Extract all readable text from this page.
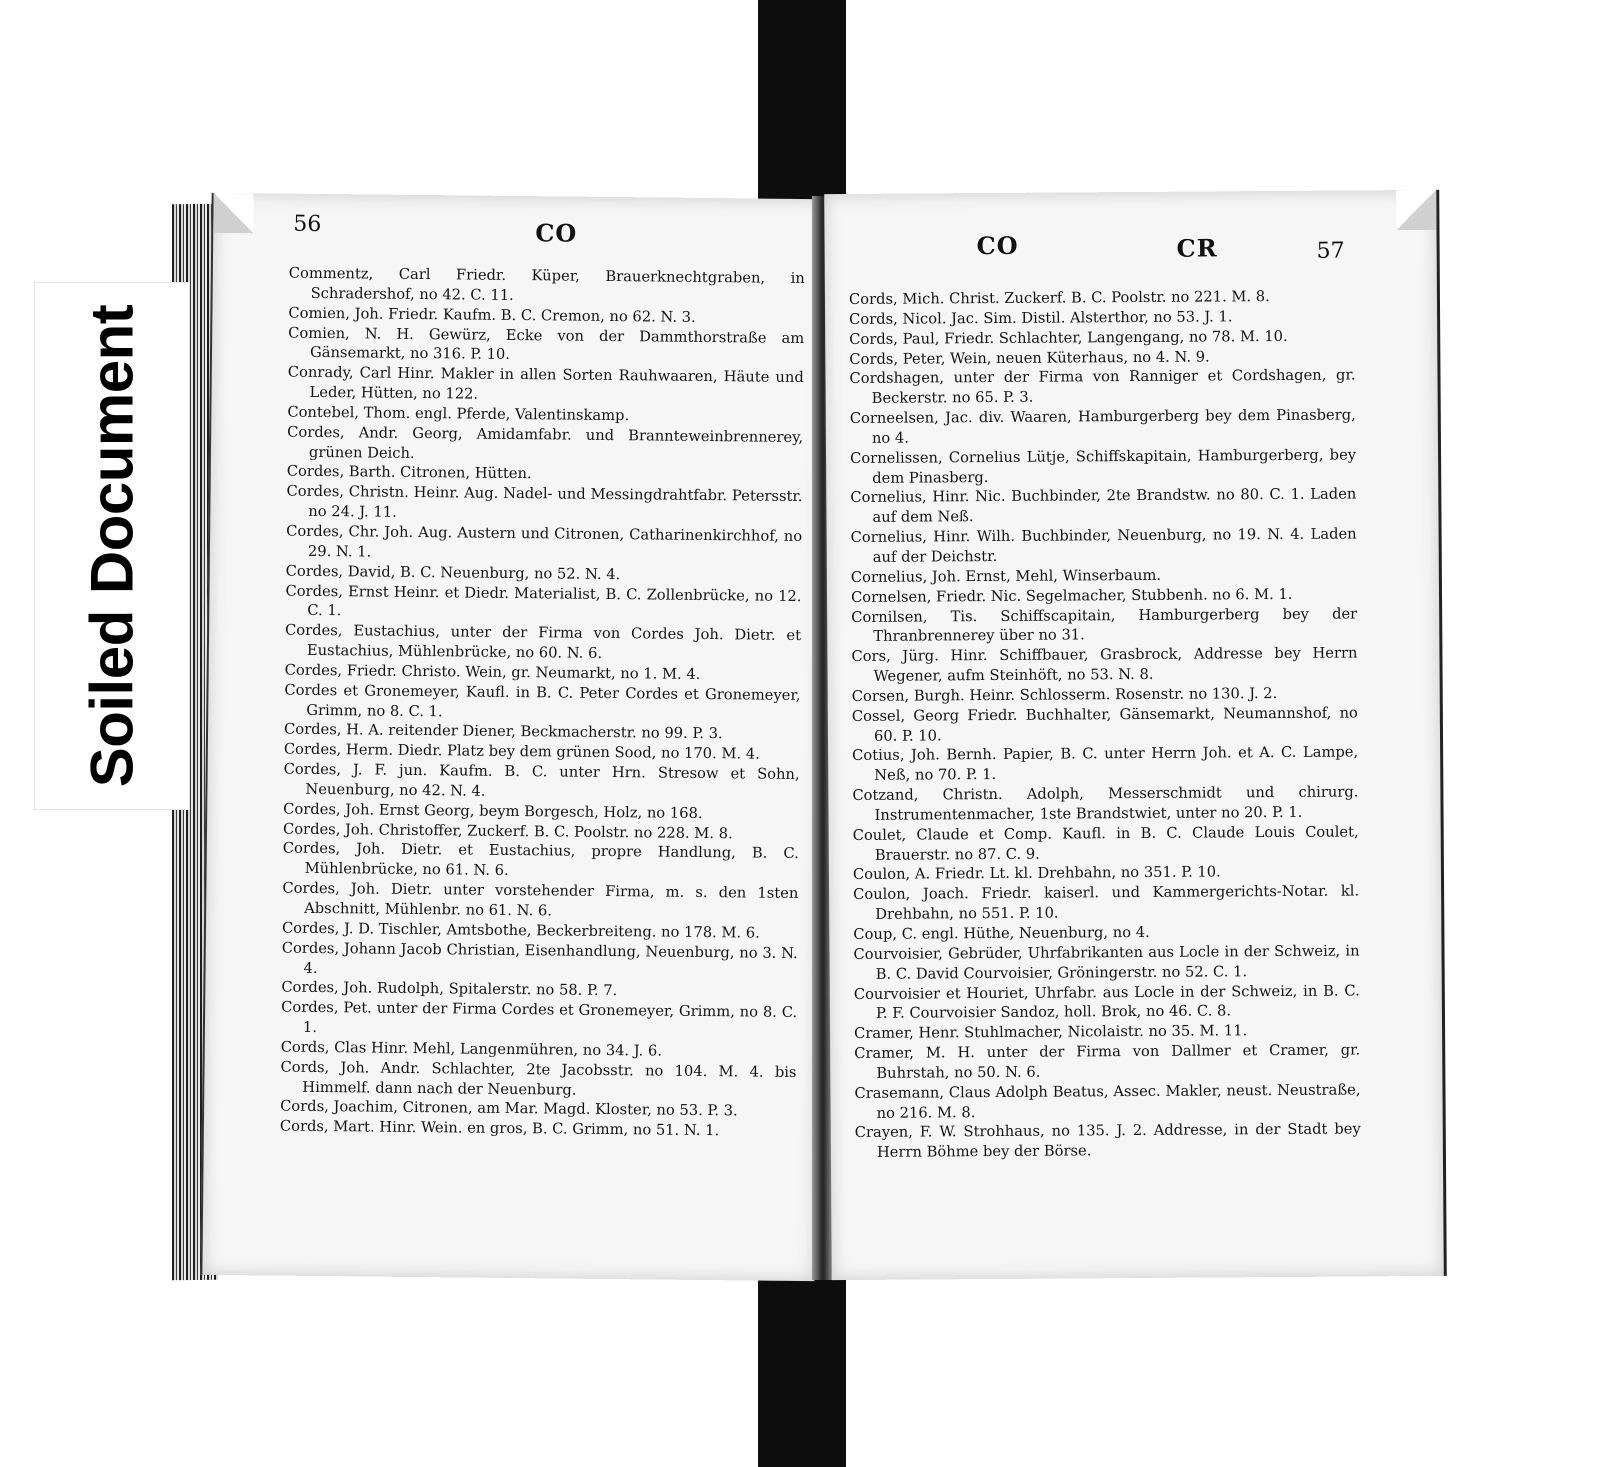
56	CO
Commentz, Carl Friedr. Küper, Brauerknechtgraben, in Schradershof, no 42. C. 11.
Comien, Joh. Friedr. Kaufm. B. C. Cremon, no 62. N. 3.
Comien, N. H. Gewürz, Ecke von der Dammthorstraße am Gänsemarkt, no 316. P. 10.
Conrady, Carl Hinr. Makler in allen Sorten Rauhwaaren, Häute und Leder, Hütten, no 122.
Contebel, Thom. engl. Pferde, Valentinskamp.
Cordes, Andr. Georg, Amidamfabr. und Brannteweinbrennerey, grünen Deich.
Cordes, Barth. Citronen, Hütten.
Cordes, Christn. Heinr. Aug. Nadel- und Messingdrahtfabr. Petersstr. no 24. J. 11.
Cordes, Chr. Joh. Aug. Austern und Citronen, Catharinenkirchhof, no 29. N. 1.
Cordes, David, B. C. Neuenburg, no 52. N. 4.
Cordes, Ernst Heinr. et Diedr. Materialist, B. C. Zollenbrücke, no 12. C. 1.
Cordes, Eustachius, unter der Firma von Cordes Joh. Dietr. et Eustachius, Mühlenbrücke, no 60. N. 6.
Cordes, Friedr. Christo. Wein, gr. Neumarkt, no 1. M. 4.
Cordes et Gronemeyer, Kaufl. in B. C. Peter Cordes et Gronemeyer, Grimm, no 8. C. 1.
Cordes, H. A. reitender Diener, Beckmacherstr. no 99. P. 3.
Cordes, Herm. Diedr. Platz bey dem grünen Sood, no 170. M. 4.
Cordes, J. F. jun. Kaufm. B. C. unter Hrn. Stresow et Sohn, Neuenburg, no 42. N. 4.
Cordes, Joh. Ernst Georg, beym Borgesch, Holz, no 168.
Cordes, Joh. Christoffer, Zuckerf. B. C. Poolstr. no 228. M. 8.
Cordes, Joh. Dietr. et Eustachius, propre Handlung, B. C. Mühlenbrücke, no 61. N. 6.
Cordes, Joh. Dietr. unter vorstehender Firma, m. s. den 1sten Abschnitt, Mühlenbr. no 61. N. 6.
Cordes, J. D. Tischler, Amtsbothe, Beckerbreiteng. no 178. M. 6.
Cordes, Johann Jacob Christian, Eisenhandlung, Neuenburg, no 3. N. 4.
Cordes, Joh. Rudolph, Spitalerstr. no 58. P. 7.
Cordes, Pet. unter der Firma Cordes et Gronemeyer, Grimm, no 8. C. 1.
Cords, Clas Hinr. Mehl, Langenmühren, no 34. J. 6.
Cords, Joh. Andr. Schlachter, 2te Jacobsstr. no 104. M. 4. bis Himmelf. dann nach der Neuenburg.
Cords, Joachim, Citronen, am Mar. Magd. Kloster, no 53. P. 3.
Cords, Mart. Hinr. Wein. en gros, B. C. Grimm, no 51. N. 1.
CO	CR	57
Cords, Mich. Christ. Zuckerf. B. C. Poolstr. no 221. M. 8.
Cords, Nicol. Jac. Sim. Distil. Alsterthor, no 53. J. 1.
Cords, Paul, Friedr. Schlachter, Langengang, no 78. M. 10.
Cords, Peter, Wein, neuen Küterhaus, no 4. N. 9.
Cordshagen, unter der Firma von Ranniger et Cordshagen, gr. Beckerstr. no 65. P. 3.
Corneelsen, Jac. div. Waaren, Hamburgerberg bey dem Pinasberg, no 4.
Cornelissen, Cornelius Lütje, Schiffskapitain, Hamburgerberg, bey dem Pinasberg.
Cornelius, Hinr. Nic. Buchbinder, 2te Brandstw. no 80. C. 1. Laden auf dem Neß.
Cornelius, Hinr. Wilh. Buchbinder, Neuenburg, no 19. N. 4. Laden auf der Deichstr.
Cornelius, Joh. Ernst, Mehl, Winserbaum.
Cornelsen, Friedr. Nic. Segelmacher, Stubbenh. no 6. M. 1.
Cornilsen, Tis. Schiffscapitain, Hamburgerberg bey der Thranbrennerey über no 31.
Cors, Jürg. Hinr. Schiffbauer, Grasbrock, Addresse bey Herrn Wegener, aufm Steinhöft, no 53. N. 8.
Corsen, Burgh. Heinr. Schlosserm. Rosenstr. no 130. J. 2.
Cossel, Georg Friedr. Buchhalter, Gänsemarkt, Neumannshof, no 60. P. 10.
Cotius, Joh. Bernh. Papier, B. C. unter Herrn Joh. et A. C. Lampe, Neß, no 70. P. 1.
Cotzand, Christn. Adolph, Messerschmidt und chirurg. Instrumentenmacher, 1ste Brandstwiet, unter no 20. P. 1.
Coulet, Claude et Comp. Kaufl. in B. C. Claude Louis Coulet, Brauerstr. no 87. C. 9.
Coulon, A. Friedr. Lt. kl. Drehbahn, no 351. P. 10.
Coulon, Joach. Friedr. kaiserl. und Kammergerichts-Notar. kl. Drehbahn, no 551. P. 10.
Coup, C. engl. Hüthe, Neuenburg, no 4.
Courvoisier, Gebrüder, Uhrfabrikanten aus Locle in der Schweiz, in B. C. David Courvoisier, Gröningerstr. no 52. C. 1.
Courvoisier et Houriet, Uhrfabr. aus Locle in der Schweiz, in B. C. P. F. Courvoisier Sandoz, holl. Brok, no 46. C. 8.
Cramer, Henr. Stuhlmacher, Nicolaistr. no 35. M. 11.
Cramer, M. H. unter der Firma von Dallmer et Cramer, gr. Buhrstah, no 50. N. 6.
Crasemann, Claus Adolph Beatus, Assec. Makler, neust. Neustraße, no 216. M. 8.
Crayen, F. W. Strohhaus, no 135. J. 2. Addresse, in der Stadt bey Herrn Böhme bey der Börse.
Soiled Document
